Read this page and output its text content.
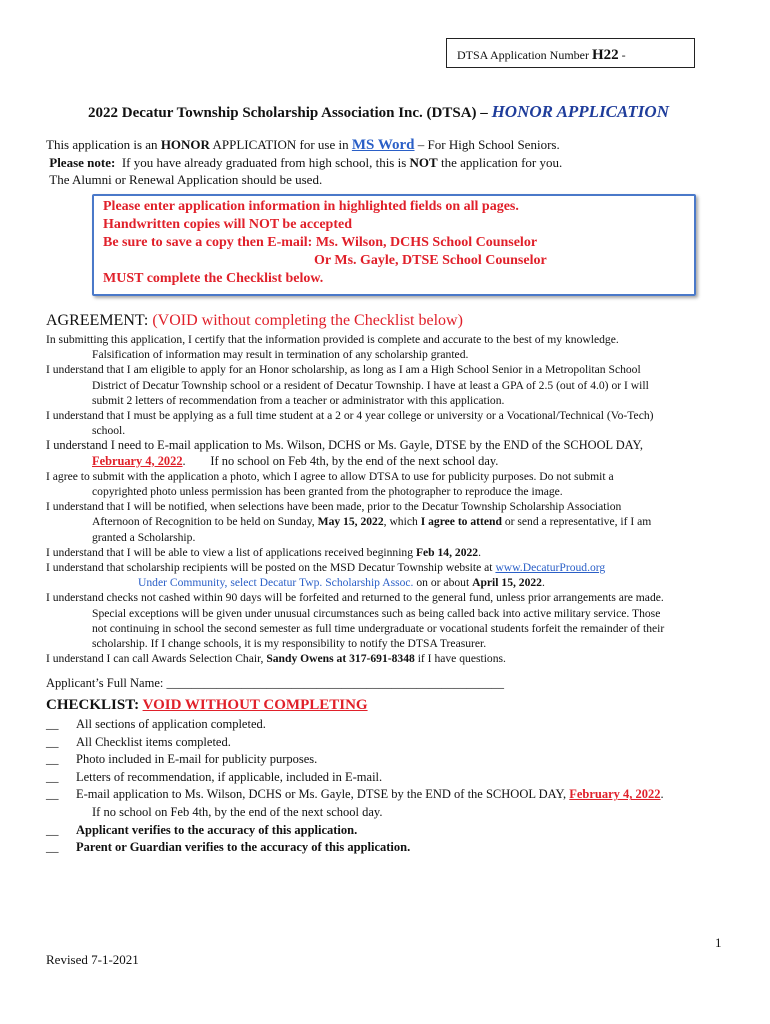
DTSA Application Number H22 -
2022 Decatur Township Scholarship Association Inc. (DTSA) – HONOR APPLICATION
This application is an HONOR APPLICATION for use in MS Word – For High School Seniors.
Please note: If you have already graduated from high school, this is NOT the application for you.
The Alumni or Renewal Application should be used.
Please enter application information in highlighted fields on all pages.
Handwritten copies will NOT be accepted
Be sure to save a copy then E-mail: Ms. Wilson, DCHS School Counselor
Or Ms. Gayle, DTSE School Counselor
MUST complete the Checklist below.
AGREEMENT: (VOID without completing the Checklist below)

In submitting this application, I certify that the information provided is complete and accurate to the best of my knowledge.

Falsification of information may result in termination of any scholarship granted.

I understand that I am eligible to apply for an Honor scholarship, as long as I am a High School Senior in a Metropolitan School

District of Decatur Township school or a resident of Decatur Township. I have at least a GPA of 2.5 (out of 4.0) or I will

submit 2 letters of recommendation from a teacher or administrator with this application.

I understand that I must be applying as a full time student at a 2 or 4 year college or university or a Vocational/Technical (Vo-Tech)

school.

I understand I need to E-mail application to Ms. Wilson, DCHS or Ms. Gayle, DTSE by the END of the SCHOOL DAY,

February 4, 2022.        If no school on Feb 4th, by the end of the next school day.

I agree to submit with the application a photo, which I agree to allow DTSA to use for publicity purposes. Do not submit a

copyrighted photo unless permission has been granted from the photographer to reproduce the image.

I understand that I will be notified, when selections have been made, prior to the Decatur Township Scholarship Association

Afternoon of Recognition to be held on Sunday, May 15, 2022, which I agree to attend or send a representative, if I am

granted a Scholarship.

I understand that I will be able to view a list of applications received beginning Feb 14, 2022.

I understand that scholarship recipients will be posted on the MSD Decatur Township website at www.DecaturProud.org

Under Community, select Decatur Twp. Scholarship Assoc. on or about April 15, 2022.

I understand checks not cashed within 90 days will be forfeited and returned to the general fund, unless prior arrangements are made.

Special exceptions will be given under unusual circumstances such as being called back into active military service. Those

not continuing in school the second semester as full time undergraduate or vocational students forfeit the remainder of their

scholarship. If I change schools, it is my responsibility to notify the DTSA Treasurer.

I understand I can call Awards Selection Chair, Sandy Owens at 317-691-8348 if I have questions.

Applicant’s Full Name: ______________________________________________________
CHECKLIST: VOID WITHOUT COMPLETING
__	All sections of application completed.
__	All Checklist items completed.
__	Photo included in E-mail for publicity purposes.
__	Letters of recommendation, if applicable, included in E-mail.
__	E-mail application to Ms. Wilson, DCHS or Ms. Gayle, DTSE by the END of the SCHOOL DAY, February 4, 2022.
If no school on Feb 4th, by the end of the next school day.
__	Applicant verifies to the accuracy of this application.
__	Parent or Guardian verifies to the accuracy of this application.
1
Revised 7-1-2021
